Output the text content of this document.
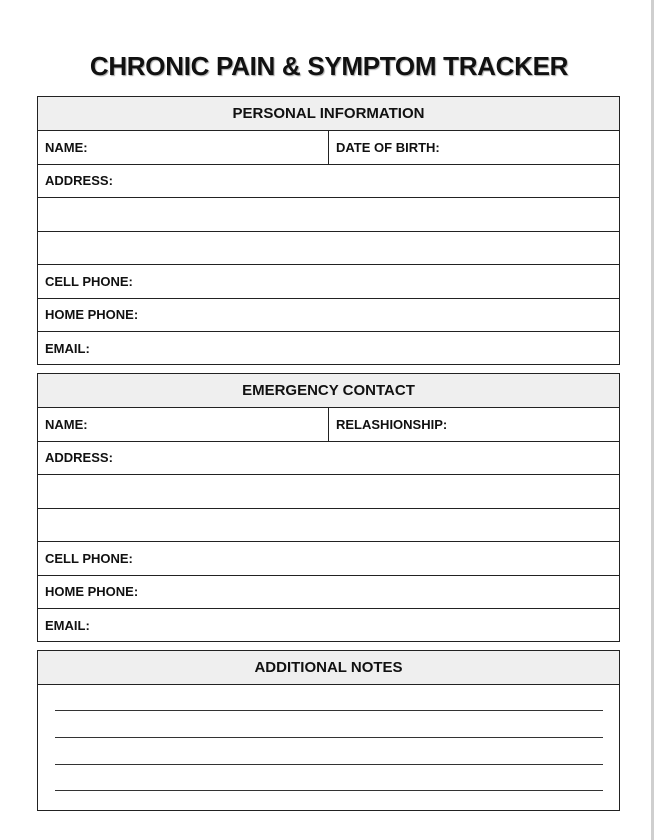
CHRONIC PAIN & SYMPTOM TRACKER
PERSONAL INFORMATION
NAME:	DATE OF BIRTH:
ADDRESS:
CELL PHONE:
HOME PHONE:
EMAIL:
EMERGENCY CONTACT
NAME:	RELASHIONSHIP:
ADDRESS:
CELL PHONE:
HOME PHONE:
EMAIL:
ADDITIONAL NOTES
